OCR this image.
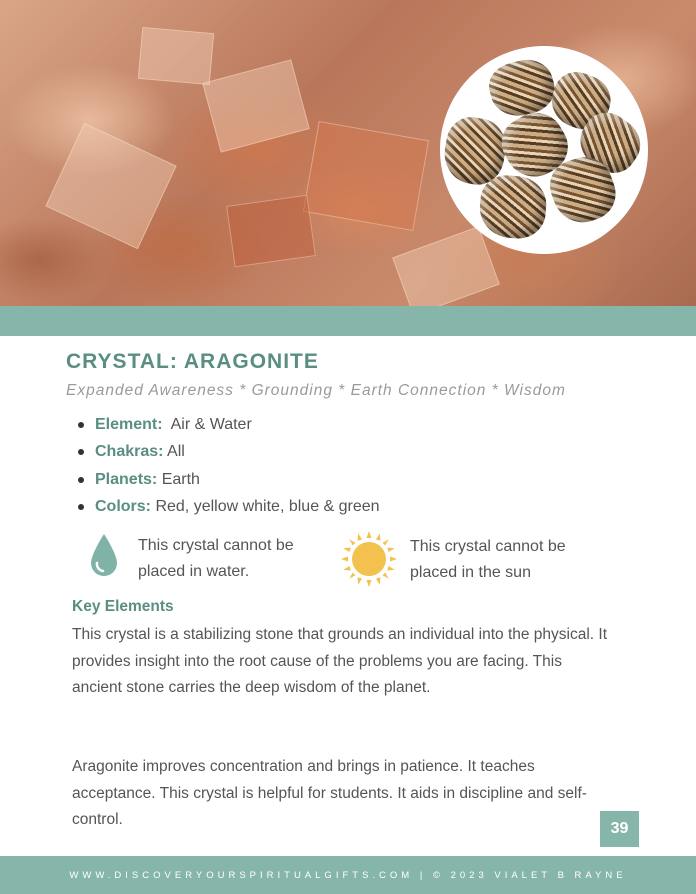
CRYSTAL: ARAGONITE

Expanded Awareness * Grounding * Earth Connection * Wisdom

Element:  Air & Water
Chakras: All
Planets: Earth
Colors: Red, yellow white, blue & green
This crystal cannot be placed in water.
This crystal cannot be placed in the sun
Key Elements

This crystal is a stabilizing stone that grounds an individual into the physical. It provides insight into the root cause of the problems you are facing. This ancient stone carries the deep wisdom of the planet.

Aragonite improves concentration and brings in patience. It teaches acceptance. This crystal is helpful for students. It aids in discipline and self-control.

39
WWW.DISCOVERYOURSPIRITUALGIFTS.COM | © 2023 VIALET B RAYNE
